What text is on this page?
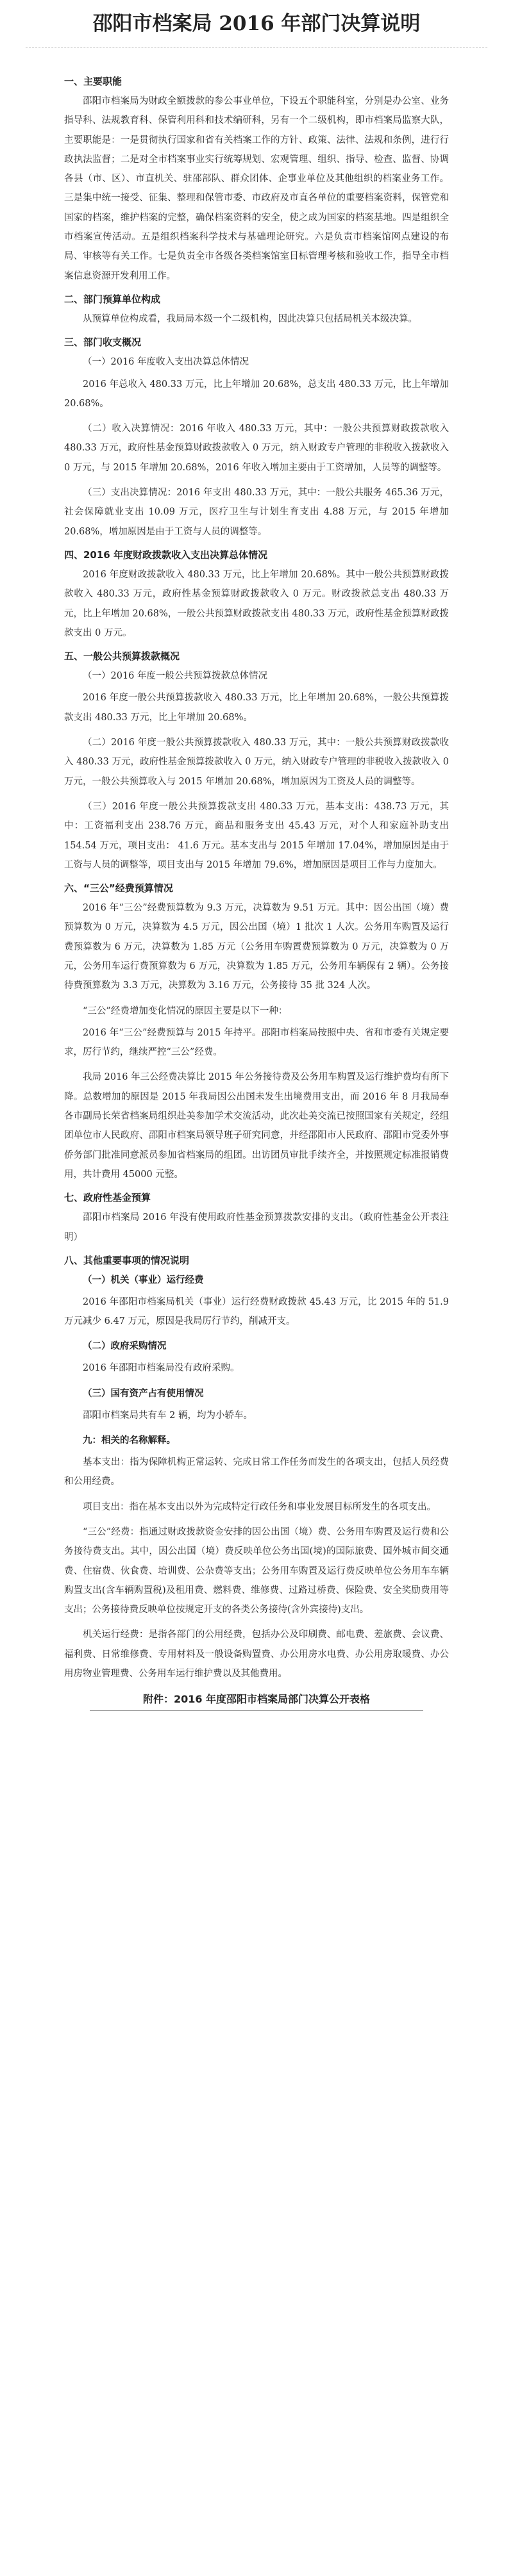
邵阳市档案局 2016 年部门决算说明
一、主要职能

邵阳市档案局为财政全额拨款的参公事业单位，下设五个职能科室，分别是办公室、业务指导科、法规教育科、保管利用科和技术编研科，另有一个二级机构，即市档案局监察大队，主要职能是：一是贯彻执行国家和省有关档案工作的方针、政策、法律、法规和条例，进行行政执法监督；二是对全市档案事业实行统筹规划、宏观管理、组织、指导、检查、监督、协调各县（市、区）、市直机关、驻邵部队、群众团体、企事业单位及其他组织的档案业务工作。三是集中统一接受、征集、整理和保管市委、市政府及市直各单位的重要档案资料，保管党和国家的档案，维护档案的完整，确保档案资料的安全，使之成为国家的档案基地。四是组织全市档案宣传活动。五是组织档案科学技术与基础理论研究。六是负责市档案馆网点建设的布局、审核等有关工作。七是负责全市各级各类档案馆室目标管理考核和验收工作，指导全市档案信息资源开发利用工作。

二、部门预算单位构成

从预算单位构成看，我局局本级一个二级机构，因此决算只包括局机关本级决算。

三、部门收支概况

（一）2016 年度收入支出决算总体情况

2016 年总收入 480.33 万元，比上年增加 20.68%，总支出 480.33 万元，比上年增加 20.68%。

（二）收入决算情况：2016 年收入 480.33 万元，其中：一般公共预算财政拨款收入 480.33 万元，政府性基金预算财政拨款收入 0 万元，纳入财政专户管理的非税收入拨款收入 0 万元，与 2015 年增加 20.68%，2016 年收入增加主要由于工资增加，人员等的调整等。

（三）支出决算情况：2016 年支出 480.33 万元，其中：一般公共服务 465.36 万元，社会保障就业支出 10.09 万元，医疗卫生与计划生育支出 4.88 万元，与 2015 年增加 20.68%，增加原因是由于工资与人员的调整等。

四、2016 年度财政拨款收入支出决算总体情况

2016 年度财政拨款收入 480.33 万元，比上年增加 20.68%。其中一般公共预算财政拨款收入 480.33 万元，政府性基金预算财政拨款收入 0 万元。财政拨款总支出 480.33 万元，比上年增加 20.68%，一般公共预算财政拨款支出 480.33 万元，政府性基金预算财政拨款支出 0 万元。

五、一般公共预算拨款概况

（一）2016 年度一般公共预算拨款总体情况

2016 年度一般公共预算拨款收入 480.33 万元，比上年增加 20.68%，一般公共预算拨款支出 480.33 万元，比上年增加 20.68%。

（二）2016 年度一般公共预算拨款收入 480.33 万元，其中：一般公共预算财政拨款收入 480.33 万元，政府性基金预算拨款收入 0 万元，纳入财政专户管理的非税收入拨款收入 0 万元，一般公共预算收入与 2015 年增加 20.68%，增加原因为工资及人员的调整等。

（三）2016 年度一般公共预算拨款支出 480.33 万元，基本支出：438.73 万元，其中：工资福利支出 238.76 万元，商品和服务支出 45.43 万元，对个人和家庭补助支出 154.54 万元，项目支出： 41.6 万元。基本支出与 2015 年增加 17.04%，增加原因是由于工资与人员的调整等，项目支出与 2015 年增加 79.6%，增加原因是项目工作与力度加大。

六、“三公”经费预算情况

2016 年“三公”经费预算数为 9.3 万元，决算数为 9.51 万元。其中：因公出国（境）费预算数为 0 万元，决算数为 4.5 万元，因公出国（境）1 批次 1 人次。公务用车购置及运行费预算数为 6 万元，决算数为 1.85 万元（公务用车购置费预算数为 0 万元，决算数为 0 万元，公务用车运行费预算数为 6 万元，决算数为 1.85 万元，公务用车辆保有 2 辆）。公务接待费预算数为 3.3 万元，决算数为 3.16 万元，公务接待 35 批 324 人次。

“三公”经费增加变化情况的原因主要是以下一种：

2016 年“三公”经费预算与 2015 年持平。邵阳市档案局按照中央、省和市委有关规定要求，厉行节约，继续严控“三公”经费。

我局 2016 年三公经费决算比 2015 年公务接待费及公务用车购置及运行维护费均有所下降。总数增加的原因是 2015 年我局因公出国未发生出境费用支出，而 2016 年 8 月我局奉各市副局长荣省档案局组织赴美参加学术交流活动，此次赴美交流已按照国家有关规定，经组团单位市人民政府、邵阳市档案局领导班子研究同意，并经邵阳市人民政府、邵阳市党委外事侨务部门批准同意派员参加省档案局的组团。出访团员审批手续齐全，并按照规定标准报销费用，共计费用 45000 元整。

七、政府性基金预算

邵阳市档案局 2016 年没有使用政府性基金预算拨款安排的支出。（政府性基金公开表注明）

八、其他重要事项的情况说明
（一）机关（事业）运行经费

2016 年邵阳市档案局机关（事业）运行经费财政拨款 45.43 万元，比 2015 年的 51.9 万元减少 6.47 万元，原因是我局厉行节约，削减开支。

（二）政府采购情况

2016 年邵阳市档案局没有政府采购。

（三）国有资产占有使用情况

邵阳市档案局共有车 2 辆，均为小轿车。

九：相关的名称解释。

基本支出：指为保障机构正常运转、完成日常工作任务而发生的各项支出，包括人员经费和公用经费。

项目支出：指在基本支出以外为完成特定行政任务和事业发展目标所发生的各项支出。

“三公”经费：指通过财政拨款资金安排的因公出国（境）费、公务用车购置及运行费和公务接待费支出。其中，因公出国（境）费反映单位公务出国(境)的国际旅费、国外城市间交通费、住宿费、伙食费、培训费、公杂费等支出；公务用车购置及运行费反映单位公务用车车辆购置支出(含车辆购置税)及租用费、燃料费、维修费、过路过桥费、保险费、安全奖励费用等支出；公务接待费反映单位按规定开支的各类公务接待(含外宾接待)支出。

机关运行经费：是指各部门的公用经费，包括办公及印刷费、邮电费、差旅费、会议费、福利费、日常维修费、专用材料及一般设备购置费、办公用房水电费、办公用房取暖费、办公用房物业管理费、公务用车运行维护费以及其他费用。

附件：2016 年度邵阳市档案局部门决算公开表格
